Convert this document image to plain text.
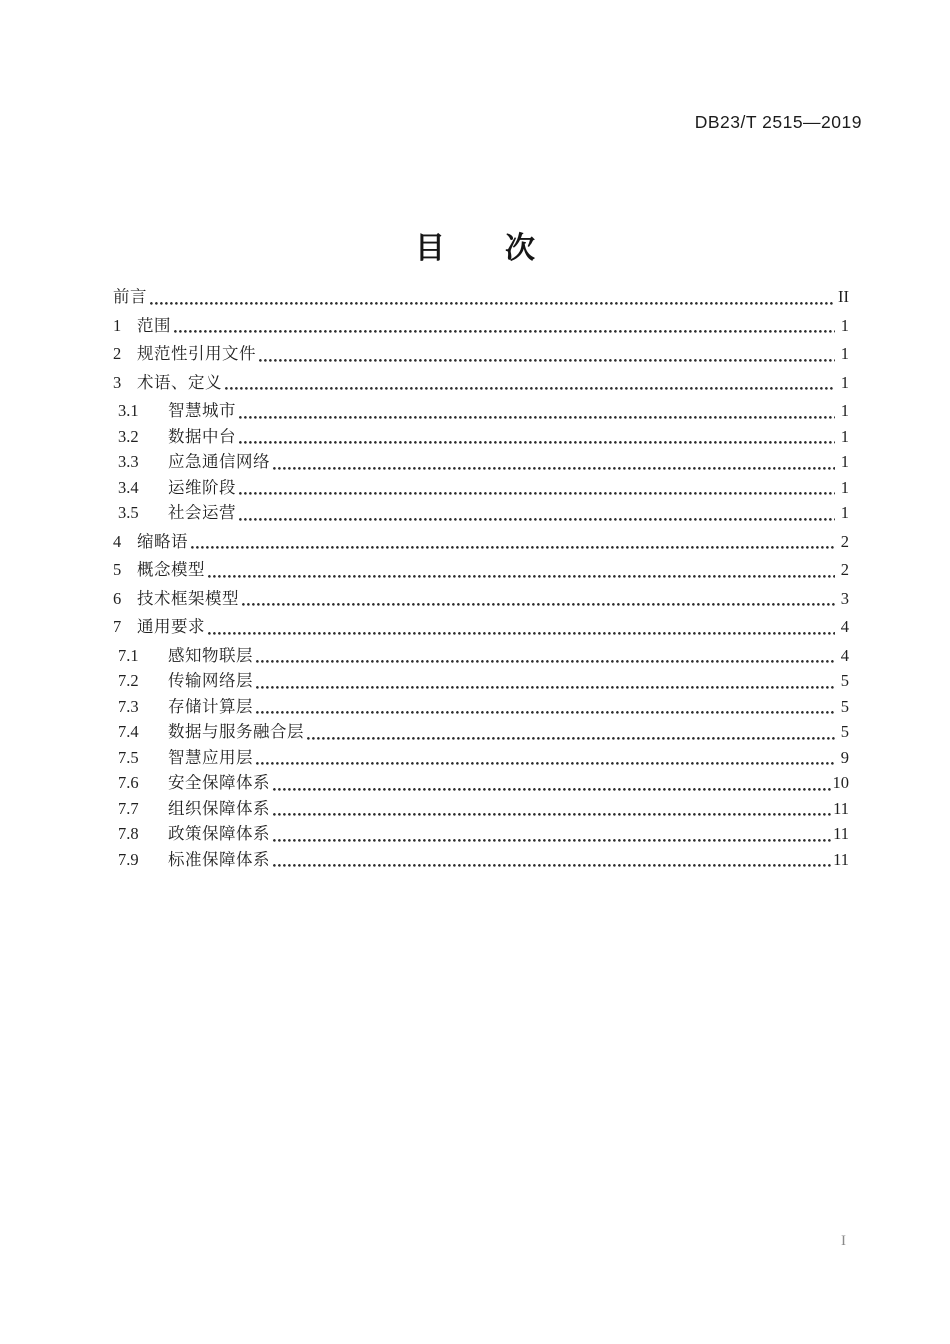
DB23/T 2515—2019
目　　次
前言	II
1 范围	1
2 规范性引用文件	1
3 术语、定义	1
3.1	智慧城市	1
3.2	数据中台	1
3.3	应急通信网络	1
3.4	运维阶段	1
3.5	社会运营	1
4 缩略语	2
5 概念模型	2
6 技术框架模型	3
7 通用要求	4
7.1	感知物联层	4
7.2	传输网络层	5
7.3	存储计算层	5
7.4	数据与服务融合层	5
7.5	智慧应用层	9
7.6	安全保障体系	10
7.7	组织保障体系	11
7.8	政策保障体系	11
7.9	标准保障体系	11
I
